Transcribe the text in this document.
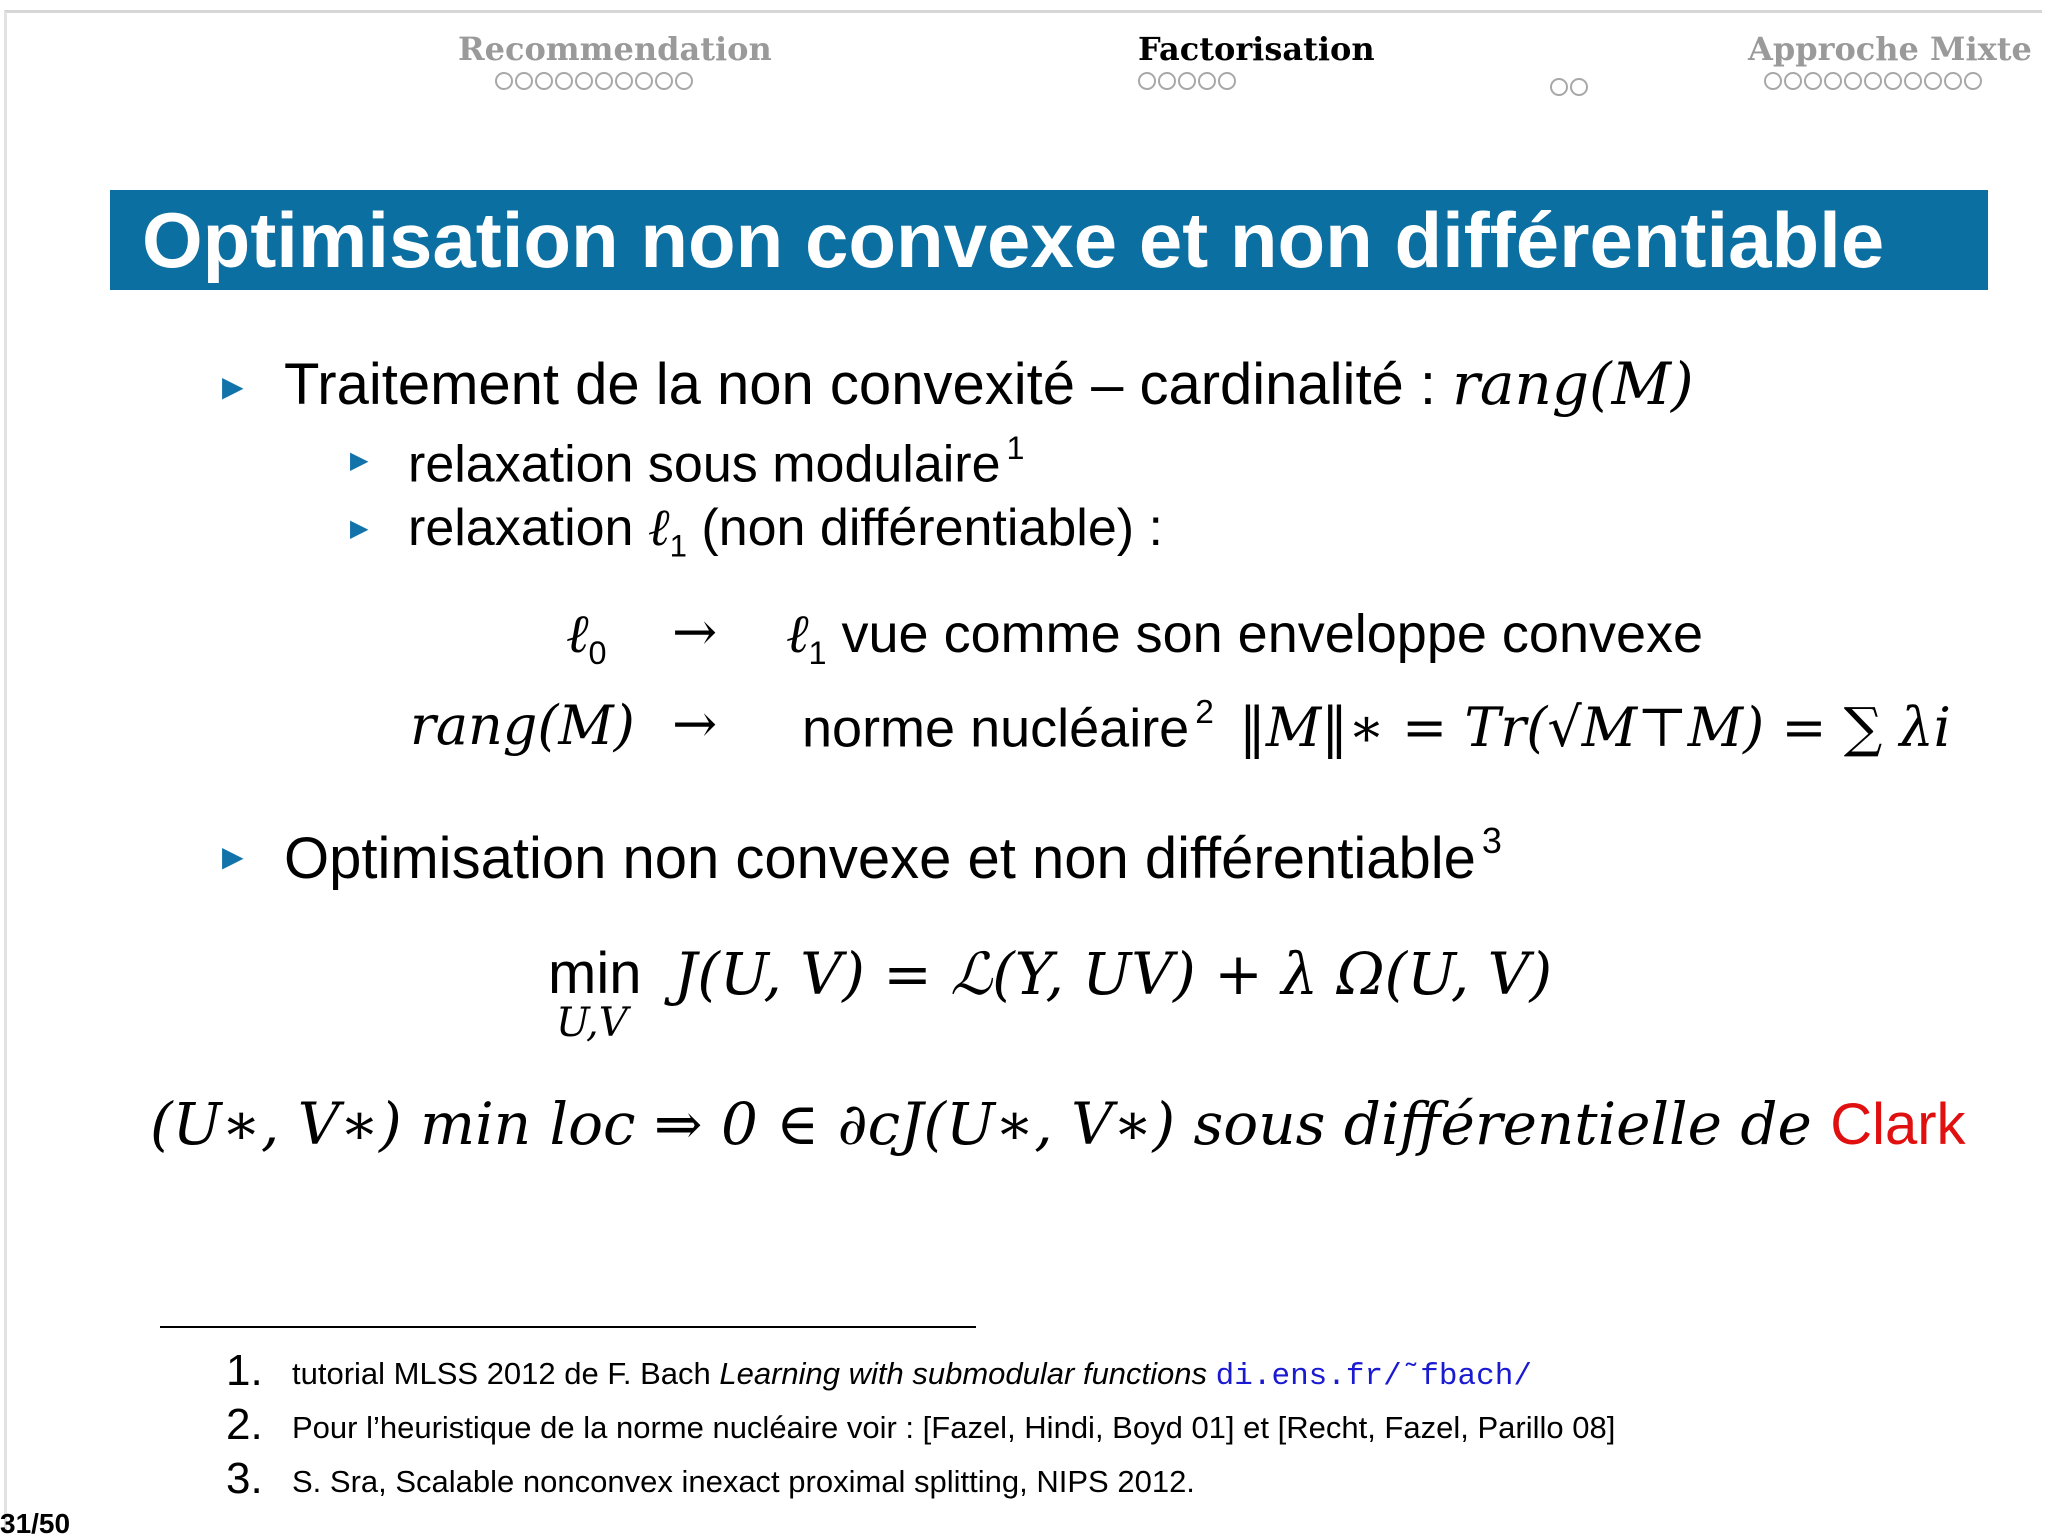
Recommendation	Factorisation	Approche Mixte
Optimisation non convexe et non différentiable
▶ Traitement de la non convexité – cardinalité : rang(M)
▶ relaxation sous modulaire $^1$
▶ relaxation ℓ$_1$ (non différentiable) :
ℓ$_0$ → ℓ$_1$ vue comme son enveloppe convexe
rang(M) → norme nucléaire $^2$ ‖M‖∗ = Tr(√M⊤M) = ∑ λi
▶ Optimisation non convexe et non différentiable $^3$
min
U,V
J(U, V) = ℒ(Y, UV) + λ Ω(U, V)
(U∗, V∗) min loc ⇒ 0 ∈ ∂cJ(U∗, V∗) sous différentielle de Clark
1. tutorial MLSS 2012 de F. Bach Learning with submodular functions di.ens.fr/˜fbach/
2. Pour l’heuristique de la norme nucléaire voir : [Fazel, Hindi, Boyd 01] et [Recht, Fazel, Parillo 08]
3. S. Sra, Scalable nonconvex inexact proximal splitting, NIPS 2012.
31/50
